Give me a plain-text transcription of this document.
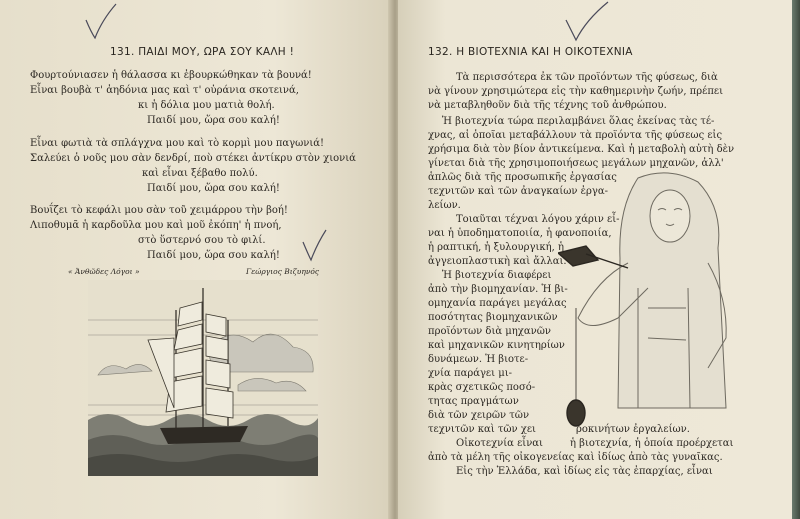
131. ΠΑΙΔΙ ΜΟΥ, ΩΡΑ ΣΟΥ ΚΑΛΗ !
Φουρτούνιασεν ἡ θάλασσα κι ἐβουρκώθηκαν τὰ βουνά!
Εἶναι βουβὰ τ' ἀηδόνια μας καὶ τ' οὐράνια σκοτεινά,
κι ἡ δόλια μου ματιὰ θολή.
Παιδί μου, ὥρα σου καλή!
Εἶναι φωτιὰ τὰ σπλάγχνα μου καὶ τὸ κορμὶ μου παγωνιά!
Σαλεύει ὁ νοῦς μου σὰν δενδρί, ποὺ στέκει ἀντίκρυ στὸν χιονιά
καὶ εἶναι ξέβαθο πολύ.
Παιδί μου, ὥρα σου καλή!
Βουΐζει τὸ κεφάλι μου σὰν τοῦ χειμάρρου τὴν βοή!
Λιποθυμᾶ ἡ καρδοῦλα μου καὶ μοῦ ἐκόπη' ἡ πνοή,
στὸ ὕστερνό σου τὸ φιλί.
Παιδί μου, ὥρα σου καλή!
« Ἀνθῶδες Λόγοι »	Γεώργιος Βιζυηνός
132. Η ΒΙΟΤΕΧΝΙΑ ΚΑΙ Η ΟΙΚΟΤΕΧΝΙΑ
Τὰ περισσότερα ἐκ τῶν προϊόντων τῆς φύσεως, διὰ
νὰ γίνουν χρησιμώτερα εἰς τὴν καθημερινὴν ζωήν, πρέπει
νὰ μεταβληθοῦν διὰ τῆς τέχνης τοῦ ἀνθρώπου.
Ἡ βιοτεχνία τώρα περιλαμβάνει ὅλας ἐκείνας τὰς τέ-
χνας, αἱ ὁποῖαι μεταβάλλουν τὰ προϊόντα τῆς φύσεως εἰς
χρήσιμα διὰ τὸν βίον ἀντικείμενα. Καὶ ἡ μεταβολὴ αὐτὴ δὲν
γίνεται διὰ τῆς χρησιμοποιήσεως μεγάλων μηχανῶν, ἀλλ'
ἁπλῶς διὰ τῆς προσωπικῆς ἐργασίας
τεχνιτῶν καὶ τῶν ἀναγκαίων ἐργα-
λείων.
Τοιαῦται τέχναι λόγου χάριν εἶ-
ναι ἡ ὑποδηματοποιία, ἡ φανοποιία,
ἡ ραπτική, ἡ ξυλουργική, ἡ
ἀγγειοπλαστικὴ καὶ ἄλλαι.
Ἡ βιοτεχνία διαφέρει
ἀπὸ τὴν βιομηχανίαν. Ἡ βι-
ομηχανία παράγει μεγάλας
ποσότητας βιομηχανικῶν
προϊόντων διὰ μηχανῶν
καὶ μηχανικῶν κινητηρίων
δυνάμεων. Ἡ βιοτε-
χνία παράγει μι-
κρὰς σχετικῶς ποσό-
τητας πραγμάτων
διὰ τῶν χειρῶν τῶν
τεχνιτῶν καὶ τῶν χει	ροκινήτων ἐργαλείων.
Οἰκοτεχνία εἶναι	ἡ βιοτεχνία, ἡ ὁποία προέρχεται
ἀπὸ τὰ μέλη τῆς οἰκογενείας καὶ ἰδίως ἀπὸ τὰς γυναῖκας.
Εἰς τὴν Ἑλλάδα, καὶ ἰδίως εἰς τὰς ἐπαρχίας, εἶναι
